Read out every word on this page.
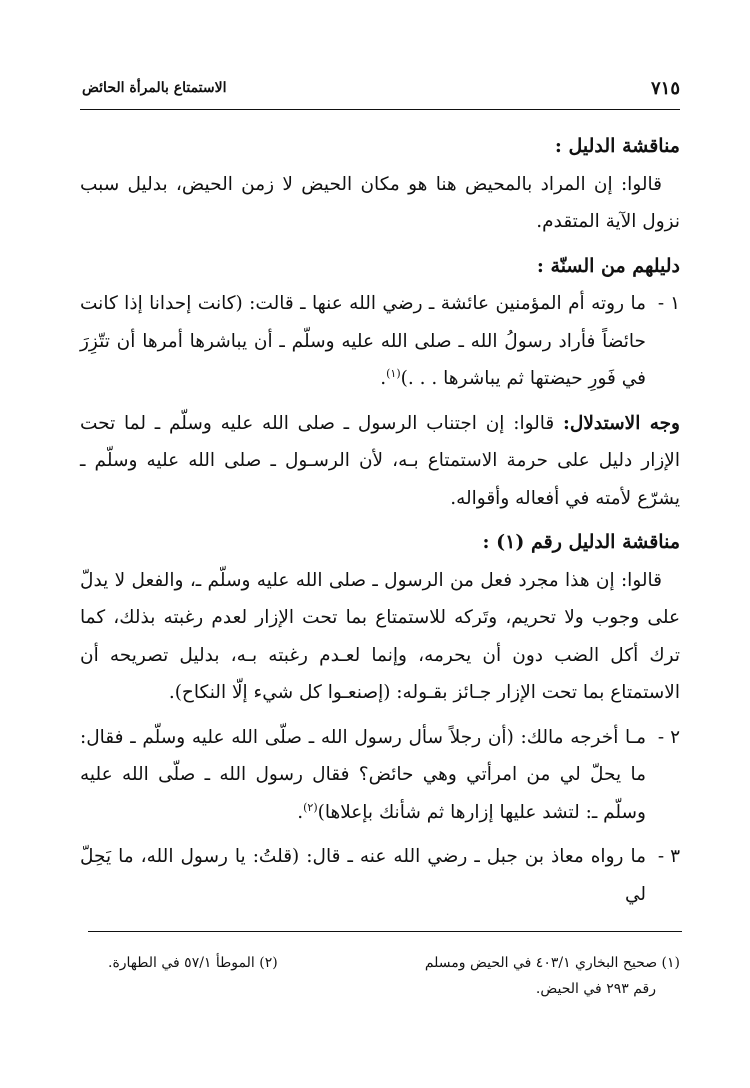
٧١٥
الاستمتاع بالمرأة الحائض

مناقشة الدليل :

قالوا: إن المراد بالمحيض هنا هو مكان الحيض لا زمن الحيض، بدليل سبب نزول الآية المتقدم.

دليلهم من السنّة :

١ -
ما روته أم المؤمنين عائشة ـ رضي الله عنها ـ قالت: (كانت إحدانا إذا كانت حائضاً فأراد رسولُ الله ـ صلى الله عليه وسلّم ـ أن يباشرها أمرها أن تتّزِرَ في فَورِ حيضتها ثم يباشرها . . .)$^{(١)}$.

وجه الاستدلال: قالوا: إن اجتناب الرسول ـ صلى الله عليه وسلّم ـ لما تحت الإزار دليل على حرمة الاستمتاع بـه، لأن الرسـول ـ صلى الله عليه وسلّم ـ يشرّع لأمته في أفعاله وأقواله.

مناقشة الدليل رقم (١) :

قالوا: إن هذا مجرد فعل من الرسول ـ صلى الله عليه وسلّم ـ، والفعل لا يدلّ على وجوب ولا تحريم، وتَركه للاستمتاع بما تحت الإزار لعدم رغبته بذلك، كما ترك أكل الضب دون أن يحرمه، وإنما لعـدم رغبته بـه، بدليل تصريحه أن الاستمتاع بما تحت الإزار جـائز بقـوله: (إصنعـوا كل شيء إلّا النكاح).

٢ -
مـا أخرجه مالك: (أن رجلاً سأل رسول الله ـ صلّى الله عليه وسلّم ـ فقال: ما يحلّ لي من امرأتي وهي حائض؟ فقال رسول الله ـ صلّى الله عليه وسلّم ـ: لتشد عليها إزارها ثم شأنك بإعلاها)$^{(٢)}$.
٣ -
ما رواه معاذ بن جبل ـ رضي الله عنه ـ قال: (قلتُ: يا رسول الله، ما يَحِلّ لي
(١) صحيح البخاري ٤٠٣/١ في الحيض ومسلم
(٢) الموطأ ٥٧/١ في الطهارة.
رقم ٢٩٣ في الحيض.
